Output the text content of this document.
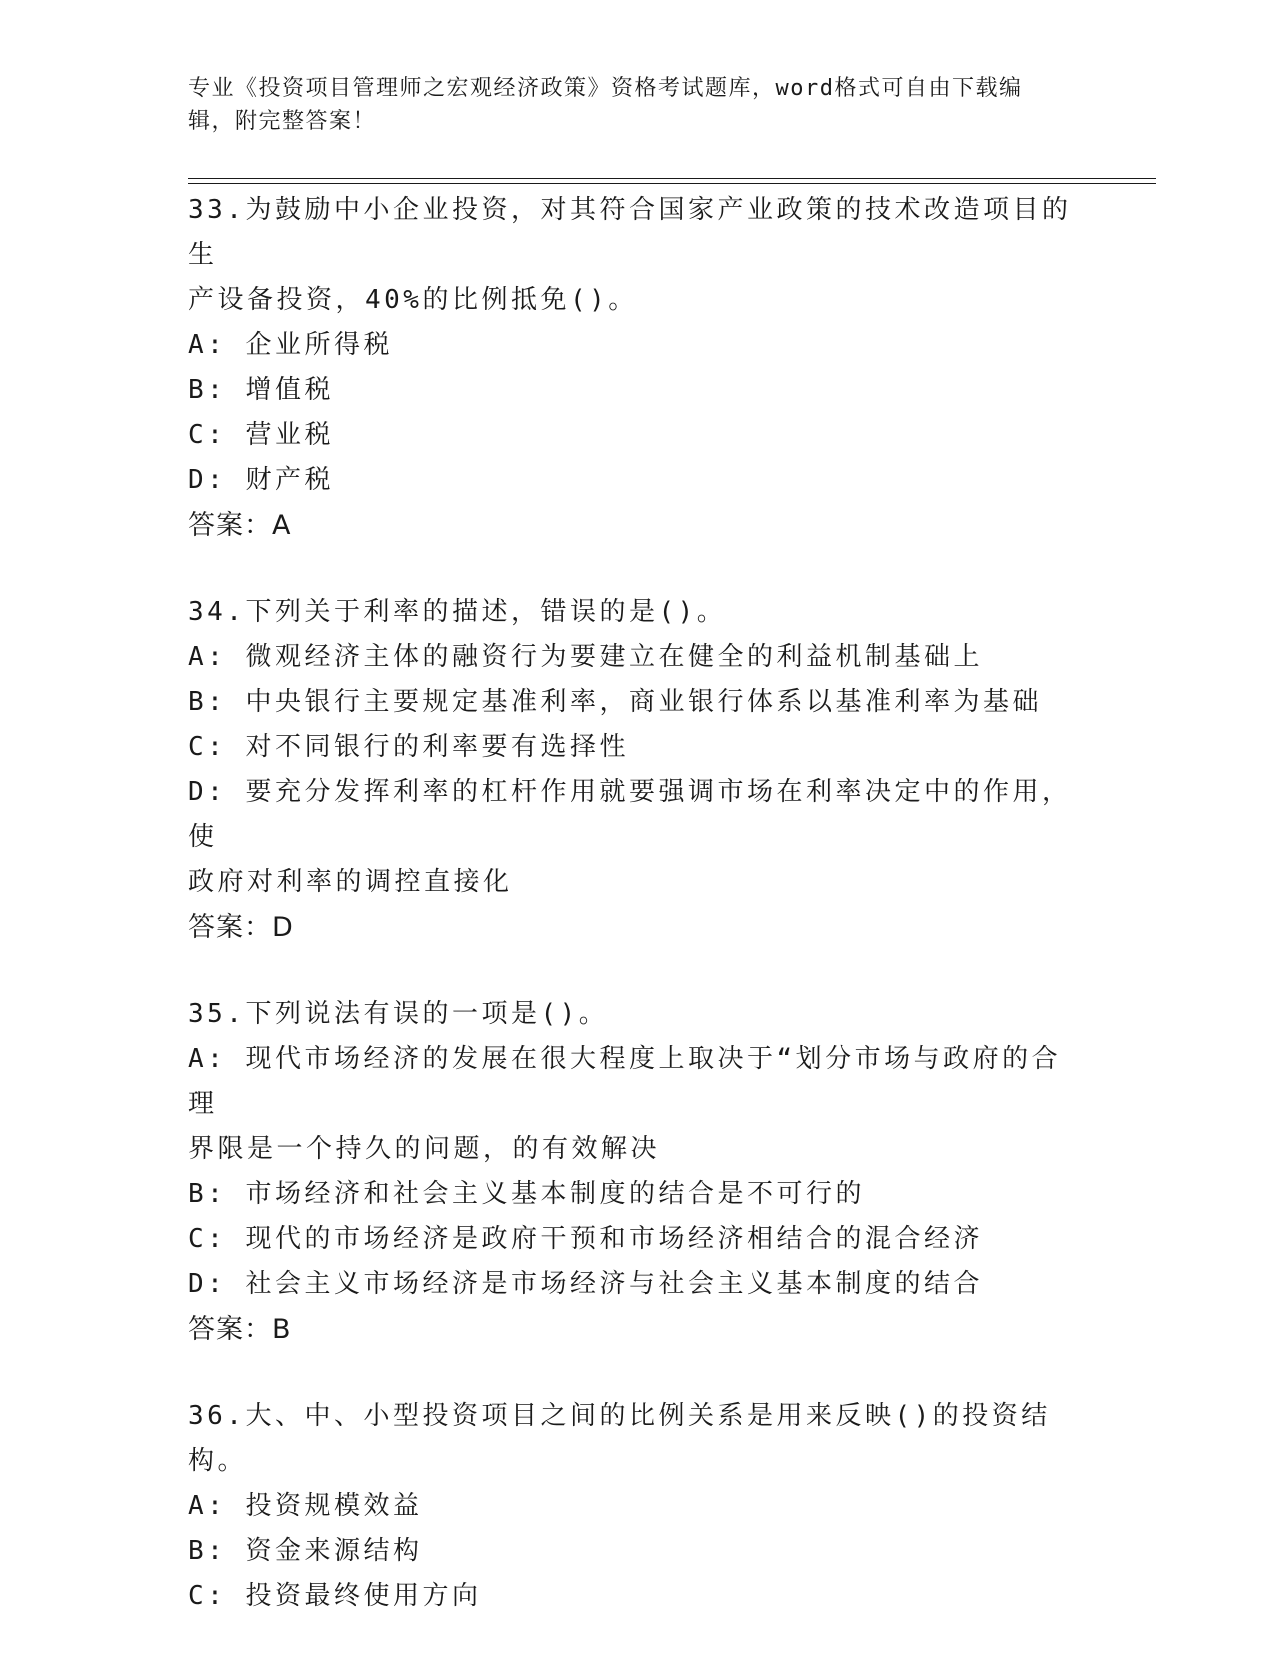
专业《投资项目管理师之宏观经济政策》资格考试题库，word格式可自由下载编
辑，附完整答案！

33.为鼓励中小企业投资，对其符合国家产业政策的技术改造项目的生

产设备投资，40%的比例抵免()。

A: 企业所得税

B: 增值税

C: 营业税

D: 财产税

答案：A

34.下列关于利率的描述，错误的是()。

A: 微观经济主体的融资行为要建立在健全的利益机制基础上

B: 中央银行主要规定基准利率，商业银行体系以基准利率为基础

C: 对不同银行的利率要有选择性

D: 要充分发挥利率的杠杆作用就要强调市场在利率决定中的作用，使

政府对利率的调控直接化

答案：D

35.下列说法有误的一项是()。

A: 现代市场经济的发展在很大程度上取决于“划分市场与政府的合理

界限是一个持久的问题，的有效解决

B: 市场经济和社会主义基本制度的结合是不可行的

C: 现代的市场经济是政府干预和市场经济相结合的混合经济

D: 社会主义市场经济是市场经济与社会主义基本制度的结合

答案：B

36.大、中、小型投资项目之间的比例关系是用来反映()的投资结构。

A: 投资规模效益

B: 资金来源结构

C: 投资最终使用方向
